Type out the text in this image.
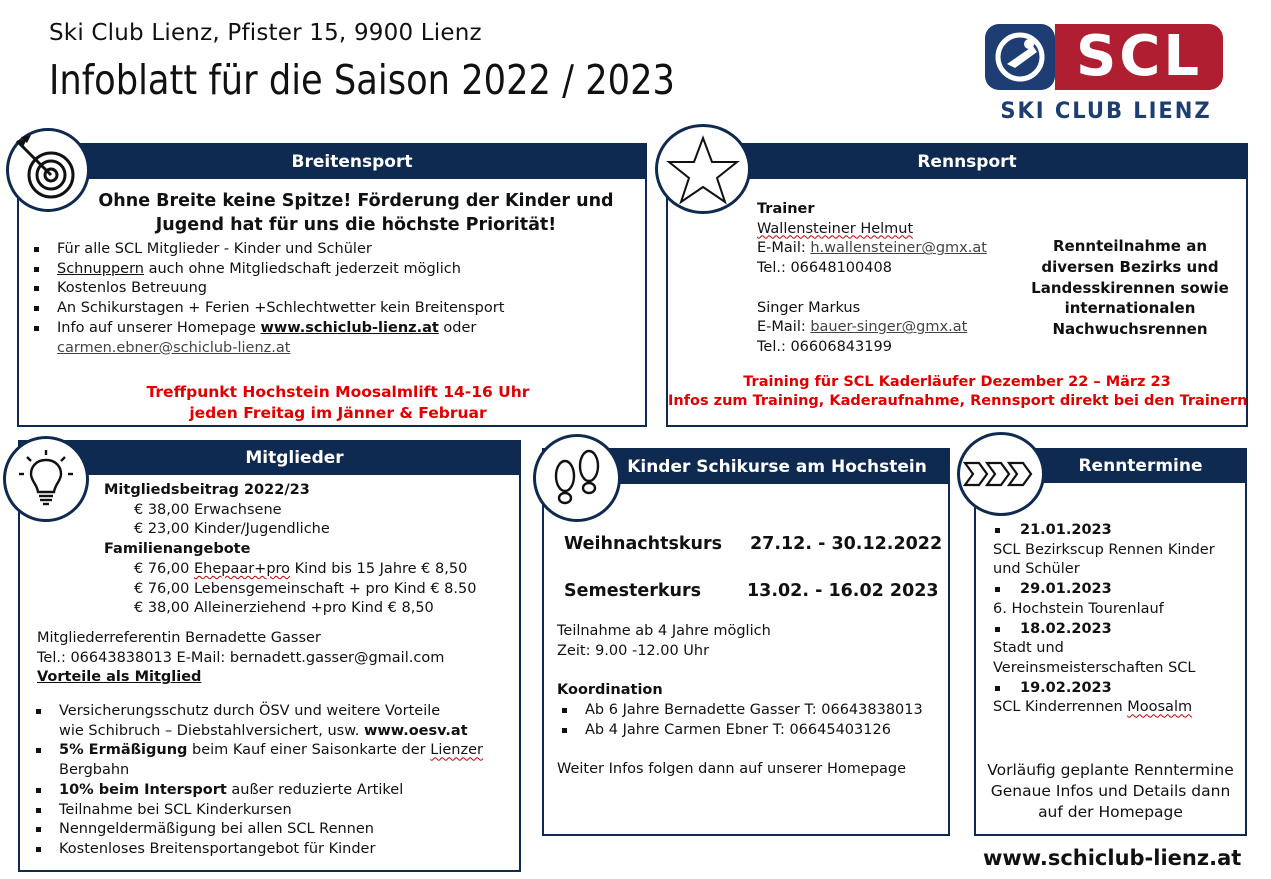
Ski Club Lienz, Pfister 15, 9900 Lienz
Infoblatt für die Saison 2022 / 2023	SCL
SKI CLUB LIENZ
Breitensport
Ohne Breite keine Spitze! Förderung der Kinder und
Jugend hat für uns die höchste Priorität!
Für alle SCL Mitglieder - Kinder und Schüler
Schnuppern auch ohne Mitgliedschaft jederzeit möglich
Kostenlos Betreuung
An Schikurstagen + Ferien +Schlechtwetter kein Breitensport
Info auf unserer Homepage www.schiclub-lienz.at oder
carmen.ebner@schiclub-lienz.at
Treffpunkt Hochstein Moosalmlift 14-16 Uhr
jeden Freitag im Jänner & Februar
Rennsport
Trainer
Wallensteiner Helmut
E-Mail: h.wallensteiner@gmx.at
Tel.: 06648100408

Singer Markus
E-Mail: bauer-singer@gmx.at
Tel.: 06606843199
Rennteilnahme an
diversen Bezirks und
Landesskirennen sowie
internationalen
Nachwuchsrennen
Training für SCL Kaderläufer Dezember 22 – März 23
Infos zum Training, Kaderaufnahme, Rennsport direkt bei den Trainern
Mitglieder
Mitgliedsbeitrag 2022/23
€ 38,00 Erwachsene
€ 23,00 Kinder/Jugendliche
Familienangebote
€ 76,00 Ehepaar+pro Kind bis 15 Jahre € 8,50
€ 76,00 Lebensgemeinschaft + pro Kind € 8.50
€ 38,00 Alleinerziehend +pro Kind € 8,50
Mitgliederreferentin Bernadette Gasser
Tel.: 06643838013 E-Mail: bernadett.gasser@gmail.com
Vorteile als Mitglied
Versicherungsschutz durch ÖSV und weitere Vorteile
wie Schibruch – Diebstahlversichert, usw. www.oesv.at
5% Ermäßigung beim Kauf einer Saisonkarte der Lienzer
Bergbahn
10% beim Intersport außer reduzierte Artikel
Teilnahme bei SCL Kinderkursen
Nenngeldermäßigung bei allen SCL Rennen
Kostenloses Breitensportangebot für Kinder
Kinder Schikurse am Hochstein
Weihnachtskurs 27.12. - 30.12.2022
Semesterkurs	13.02. - 16.02 2023
Teilnahme ab 4 Jahre möglich
Zeit: 9.00 -12.00 Uhr

Koordination
Ab 6 Jahre Bernadette Gasser T: 06643838013
Ab 4 Jahre Carmen Ebner T: 06645403126
Weiter Infos folgen dann auf unserer Homepage
Renntermine
21.01.2023
SCL Bezirkscup Rennen Kinder
und Schüler
29.01.2023
6. Hochstein Tourenlauf
18.02.2023
Stadt und
Vereinsmeisterschaften SCL
19.02.2023
SCL Kinderrennen Moosalm
Vorläufig geplante Renntermine
Genaue Infos und Details dann
auf der Homepage
www.schiclub-lienz.at
